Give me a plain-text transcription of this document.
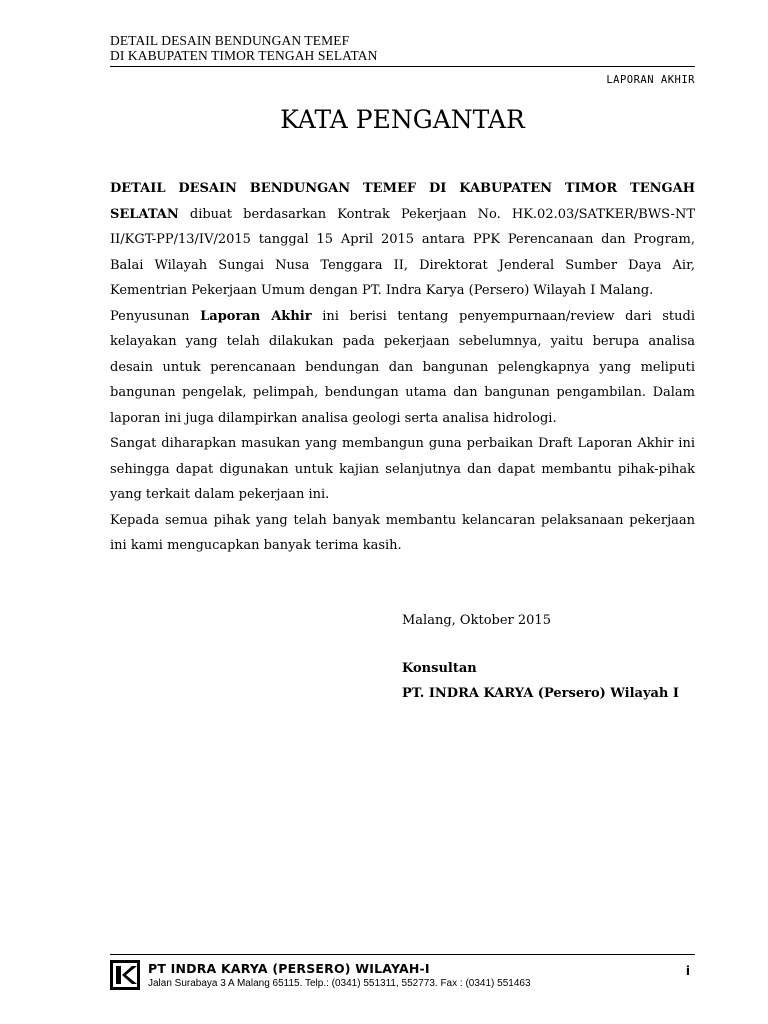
DETAIL DESAIN BENDUNGAN TEMEF
DI KABUPATEN TIMOR TENGAH SELATAN
LAPORAN AKHIR
KATA PENGANTAR

DETAIL DESAIN BENDUNGAN TEMEF DI KABUPATEN TIMOR TENGAH SELATAN dibuat berdasarkan Kontrak Pekerjaan No. HK.02.03/SATKER/BWS-NT II/KGT-PP/13/IV/2015 tanggal 15 April 2015 antara PPK Perencanaan dan Program, Balai Wilayah Sungai Nusa Tenggara II, Direktorat Jenderal Sumber Daya Air, Kementrian Pekerjaan Umum dengan PT. Indra Karya (Persero) Wilayah I Malang.

Penyusunan Laporan Akhir ini berisi tentang penyempurnaan/review dari studi kelayakan yang telah dilakukan pada pekerjaan sebelumnya, yaitu berupa analisa desain untuk perencanaan bendungan dan bangunan pelengkapnya yang meliputi bangunan pengelak, pelimpah, bendungan utama dan bangunan pengambilan. Dalam laporan ini juga dilampirkan analisa geologi serta analisa hidrologi.

Sangat diharapkan masukan yang membangun guna perbaikan Draft Laporan Akhir ini sehingga dapat digunakan untuk kajian selanjutnya dan dapat membantu pihak-pihak yang terkait dalam pekerjaan ini.

Kepada semua pihak yang telah banyak membantu kelancaran pelaksanaan pekerjaan ini kami mengucapkan banyak terima kasih.

Malang, Oktober 2015
Konsultan
PT. INDRA KARYA (Persero) Wilayah I
PT INDRA KARYA (PERSERO) WILAYAH-I
Jalan Surabaya 3 A Malang 65115. Telp.: (0341) 551311, 552773. Fax : (0341) 551463
i
